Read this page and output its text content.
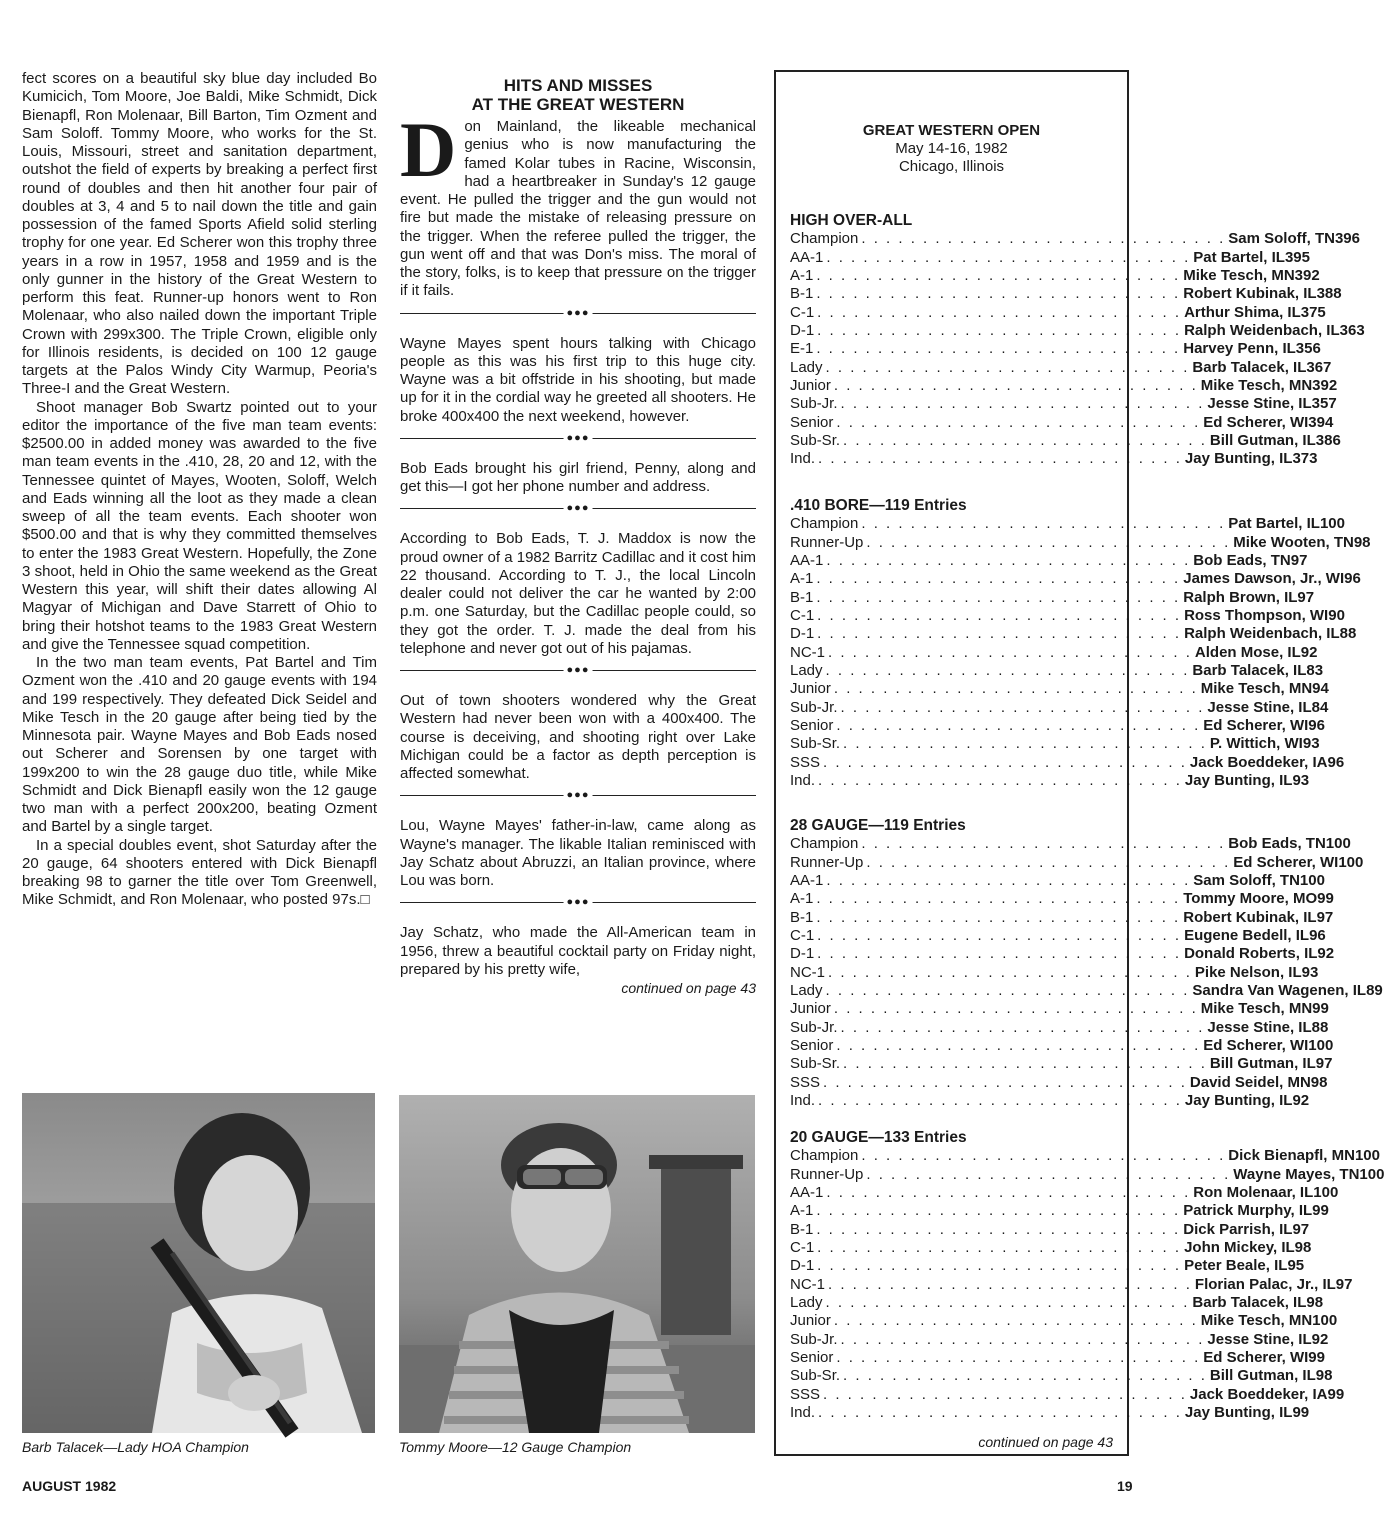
fect scores on a beautiful sky blue day included Bo Kumicich, Tom Moore, Joe Baldi, Mike Schmidt, Dick Bienapfl, Ron Molenaar, Bill Barton, Tim Ozment and Sam Soloff. Tommy Moore, who works for the St. Louis, Missouri, street and sanitation department, outshot the field of experts by breaking a perfect first round of doubles and then hit another four pair of doubles at 3, 4 and 5 to nail down the title and gain possession of the famed Sports Afield solid sterling trophy for one year. Ed Scherer won this trophy three years in a row in 1957, 1958 and 1959 and is the only gunner in the history of the Great Western to perform this feat. Runner-up honors went to Ron Molenaar, who also nailed down the important Triple Crown with 299x300. The Triple Crown, eligible only for Illinois residents, is decided on 100 12 gauge targets at the Palos Windy City Warmup, Peoria's Three-I and the Great Western.

Shoot manager Bob Swartz pointed out to your editor the importance of the five man team events: $2500.00 in added money was awarded to the five man team events in the .410, 28, 20 and 12, with the Tennessee quintet of Mayes, Wooten, Soloff, Welch and Eads winning all the loot as they made a clean sweep of all the team events. Each shooter won $500.00 and that is why they committed themselves to enter the 1983 Great Western. Hopefully, the Zone 3 shoot, held in Ohio the same weekend as the Great Western this year, will shift their dates allowing Al Magyar of Michigan and Dave Starrett of Ohio to bring their hotshot teams to the 1983 Great Western and give the Tennessee squad competition.

In the two man team events, Pat Bartel and Tim Ozment won the .410 and 20 gauge events with 194 and 199 respectively. They defeated Dick Seidel and Mike Tesch in the 20 gauge after being tied by the Minnesota pair. Wayne Mayes and Bob Eads nosed out Scherer and Sorensen by one target with 199x200 to win the 28 gauge duo title, while Mike Schmidt and Dick Bienapfl easily won the 12 gauge two man with a perfect 200x200, beating Ozment and Bartel by a single target.

In a special doubles event, shot Saturday after the 20 gauge, 64 shooters entered with Dick Bienapfl breaking 98 to garner the title over Tom Greenwell, Mike Schmidt, and Ron Molenaar, who posted 97s.□

HITS AND MISSES
AT THE GREAT WESTERN

Don Mainland, the likeable mechanical genius who is now manufacturing the famed Kolar tubes in Racine, Wisconsin, had a heartbreaker in Sunday's 12 gauge event. He pulled the trigger and the gun would not fire but made the mistake of releasing pressure on the trigger. When the referee pulled the trigger, the gun went off and that was Don's miss. The moral of the story, folks, is to keep that pressure on the trigger if it fails.

●●●

Wayne Mayes spent hours talking with Chicago people as this was his first trip to this huge city. Wayne was a bit offstride in his shooting, but made up for it in the cordial way he greeted all shooters. He broke 400x400 the next weekend, however.

●●●

Bob Eads brought his girl friend, Penny, along and get this—I got her phone number and address.

●●●

According to Bob Eads, T. J. Maddox is now the proud owner of a 1982 Barritz Cadillac and it cost him 22 thousand. According to T. J., the local Lincoln dealer could not deliver the car he wanted by 2:00 p.m. one Saturday, but the Cadillac people could, so they got the order. T. J. made the deal from his telephone and never got out of his pajamas.

●●●

Out of town shooters wondered why the Great Western had never been won with a 400x400. The course is deceiving, and shooting right over Lake Michigan could be a factor as depth perception is affected somewhat.

●●●

Lou, Wayne Mayes' father-in-law, came along as Wayne's manager. The likable Italian reminisced with Jay Schatz about Abruzzi, an Italian province, where Lou was born.

●●●

Jay Schatz, who made the All-American team in 1956, threw a beautiful cocktail party on Friday night, prepared by his pretty wife,

continued on page 43

GREAT WESTERN OPEN
May 14-16, 1982
Chicago, Illinois
HIGH OVER-ALL
Champion . . . . . . . . . . . . . . . . . . . . . . . . . . . . . . Sam Soloff, TN 396
AA-1 . . . . . . . . . . . . . . . . . . . . . . . . . . . . . . Pat Bartel, IL 395
A-1 . . . . . . . . . . . . . . . . . . . . . . . . . . . . . . Mike Tesch, MN 392
B-1 . . . . . . . . . . . . . . . . . . . . . . . . . . . . . . Robert Kubinak, IL 388
C-1 . . . . . . . . . . . . . . . . . . . . . . . . . . . . . . Arthur Shima, IL 375
D-1 . . . . . . . . . . . . . . . . . . . . . . . . . . . . . . Ralph Weidenbach, IL 363
E-1 . . . . . . . . . . . . . . . . . . . . . . . . . . . . . . Harvey Penn, IL 356
Lady . . . . . . . . . . . . . . . . . . . . . . . . . . . . . . Barb Talacek, IL 367
Junior . . . . . . . . . . . . . . . . . . . . . . . . . . . . . . Mike Tesch, MN 392
Sub-Jr. . . . . . . . . . . . . . . . . . . . . . . . . . . . . . . Jesse Stine, IL 357
Senior . . . . . . . . . . . . . . . . . . . . . . . . . . . . . . Ed Scherer, WI 394
Sub-Sr. . . . . . . . . . . . . . . . . . . . . . . . . . . . . . . Bill Gutman, IL 386
Ind. . . . . . . . . . . . . . . . . . . . . . . . . . . . . . . Jay Bunting, IL 373
.410 BORE—119 Entries
Champion . . . . . . . . . . . . . . . . . . . . . . . . . . . . . . Pat Bartel, IL 100
Runner-Up . . . . . . . . . . . . . . . . . . . . . . . . . . . . . . Mike Wooten, TN 98
AA-1 . . . . . . . . . . . . . . . . . . . . . . . . . . . . . . Bob Eads, TN 97
A-1 . . . . . . . . . . . . . . . . . . . . . . . . . . . . . . James Dawson, Jr., WI 96
B-1 . . . . . . . . . . . . . . . . . . . . . . . . . . . . . . Ralph Brown, IL 97
C-1 . . . . . . . . . . . . . . . . . . . . . . . . . . . . . . Ross Thompson, WI 90
D-1 . . . . . . . . . . . . . . . . . . . . . . . . . . . . . . Ralph Weidenbach, IL 88
NC-1 . . . . . . . . . . . . . . . . . . . . . . . . . . . . . . Alden Mose, IL 92
Lady . . . . . . . . . . . . . . . . . . . . . . . . . . . . . . Barb Talacek, IL 83
Junior . . . . . . . . . . . . . . . . . . . . . . . . . . . . . . Mike Tesch, MN 94
Sub-Jr. . . . . . . . . . . . . . . . . . . . . . . . . . . . . . . Jesse Stine, IL 84
Senior . . . . . . . . . . . . . . . . . . . . . . . . . . . . . . Ed Scherer, WI 96
Sub-Sr. . . . . . . . . . . . . . . . . . . . . . . . . . . . . . . P. Wittich, WI 93
SSS . . . . . . . . . . . . . . . . . . . . . . . . . . . . . . Jack Boeddeker, IA 96
Ind. . . . . . . . . . . . . . . . . . . . . . . . . . . . . . . Jay Bunting, IL 93
28 GAUGE—119 Entries
Champion . . . . . . . . . . . . . . . . . . . . . . . . . . . . . . Bob Eads, TN 100
Runner-Up . . . . . . . . . . . . . . . . . . . . . . . . . . . . . . Ed Scherer, WI 100
AA-1 . . . . . . . . . . . . . . . . . . . . . . . . . . . . . . Sam Soloff, TN 100
A-1 . . . . . . . . . . . . . . . . . . . . . . . . . . . . . . Tommy Moore, MO 99
B-1 . . . . . . . . . . . . . . . . . . . . . . . . . . . . . . Robert Kubinak, IL 97
C-1 . . . . . . . . . . . . . . . . . . . . . . . . . . . . . . Eugene Bedell, IL 96
D-1 . . . . . . . . . . . . . . . . . . . . . . . . . . . . . . Donald Roberts, IL 92
NC-1 . . . . . . . . . . . . . . . . . . . . . . . . . . . . . . Pike Nelson, IL 93
Lady . . . . . . . . . . . . . . . . . . . . . . . . . . . . . . Sandra Van Wagenen, IL 89
Junior . . . . . . . . . . . . . . . . . . . . . . . . . . . . . . Mike Tesch, MN 99
Sub-Jr. . . . . . . . . . . . . . . . . . . . . . . . . . . . . . . Jesse Stine, IL 88
Senior . . . . . . . . . . . . . . . . . . . . . . . . . . . . . . Ed Scherer, WI 100
Sub-Sr. . . . . . . . . . . . . . . . . . . . . . . . . . . . . . . Bill Gutman, IL 97
SSS . . . . . . . . . . . . . . . . . . . . . . . . . . . . . . David Seidel, MN 98
Ind. . . . . . . . . . . . . . . . . . . . . . . . . . . . . . . Jay Bunting, IL 92
20 GAUGE—133 Entries
Champion . . . . . . . . . . . . . . . . . . . . . . . . . . . . . . Dick Bienapfl, MN 100
Runner-Up . . . . . . . . . . . . . . . . . . . . . . . . . . . . . . Wayne Mayes, TN 100
AA-1 . . . . . . . . . . . . . . . . . . . . . . . . . . . . . . Ron Molenaar, IL 100
A-1 . . . . . . . . . . . . . . . . . . . . . . . . . . . . . . Patrick Murphy, IL 99
B-1 . . . . . . . . . . . . . . . . . . . . . . . . . . . . . . Dick Parrish, IL 97
C-1 . . . . . . . . . . . . . . . . . . . . . . . . . . . . . . John Mickey, IL 98
D-1 . . . . . . . . . . . . . . . . . . . . . . . . . . . . . . Peter Beale, IL 95
NC-1 . . . . . . . . . . . . . . . . . . . . . . . . . . . . . . Florian Palac, Jr., IL 97
Lady . . . . . . . . . . . . . . . . . . . . . . . . . . . . . . Barb Talacek, IL 98
Junior . . . . . . . . . . . . . . . . . . . . . . . . . . . . . . Mike Tesch, MN 100
Sub-Jr. . . . . . . . . . . . . . . . . . . . . . . . . . . . . . . Jesse Stine, IL 92
Senior . . . . . . . . . . . . . . . . . . . . . . . . . . . . . . Ed Scherer, WI 99
Sub-Sr. . . . . . . . . . . . . . . . . . . . . . . . . . . . . . . Bill Gutman, IL 98
SSS . . . . . . . . . . . . . . . . . . . . . . . . . . . . . . Jack Boeddeker, IA 99
Ind. . . . . . . . . . . . . . . . . . . . . . . . . . . . . . . Jay Bunting, IL 99
continued on page 43
Barb Talacek—Lady HOA Champion	Tommy Moore—12 Gauge Champion
AUGUST 1982	19
